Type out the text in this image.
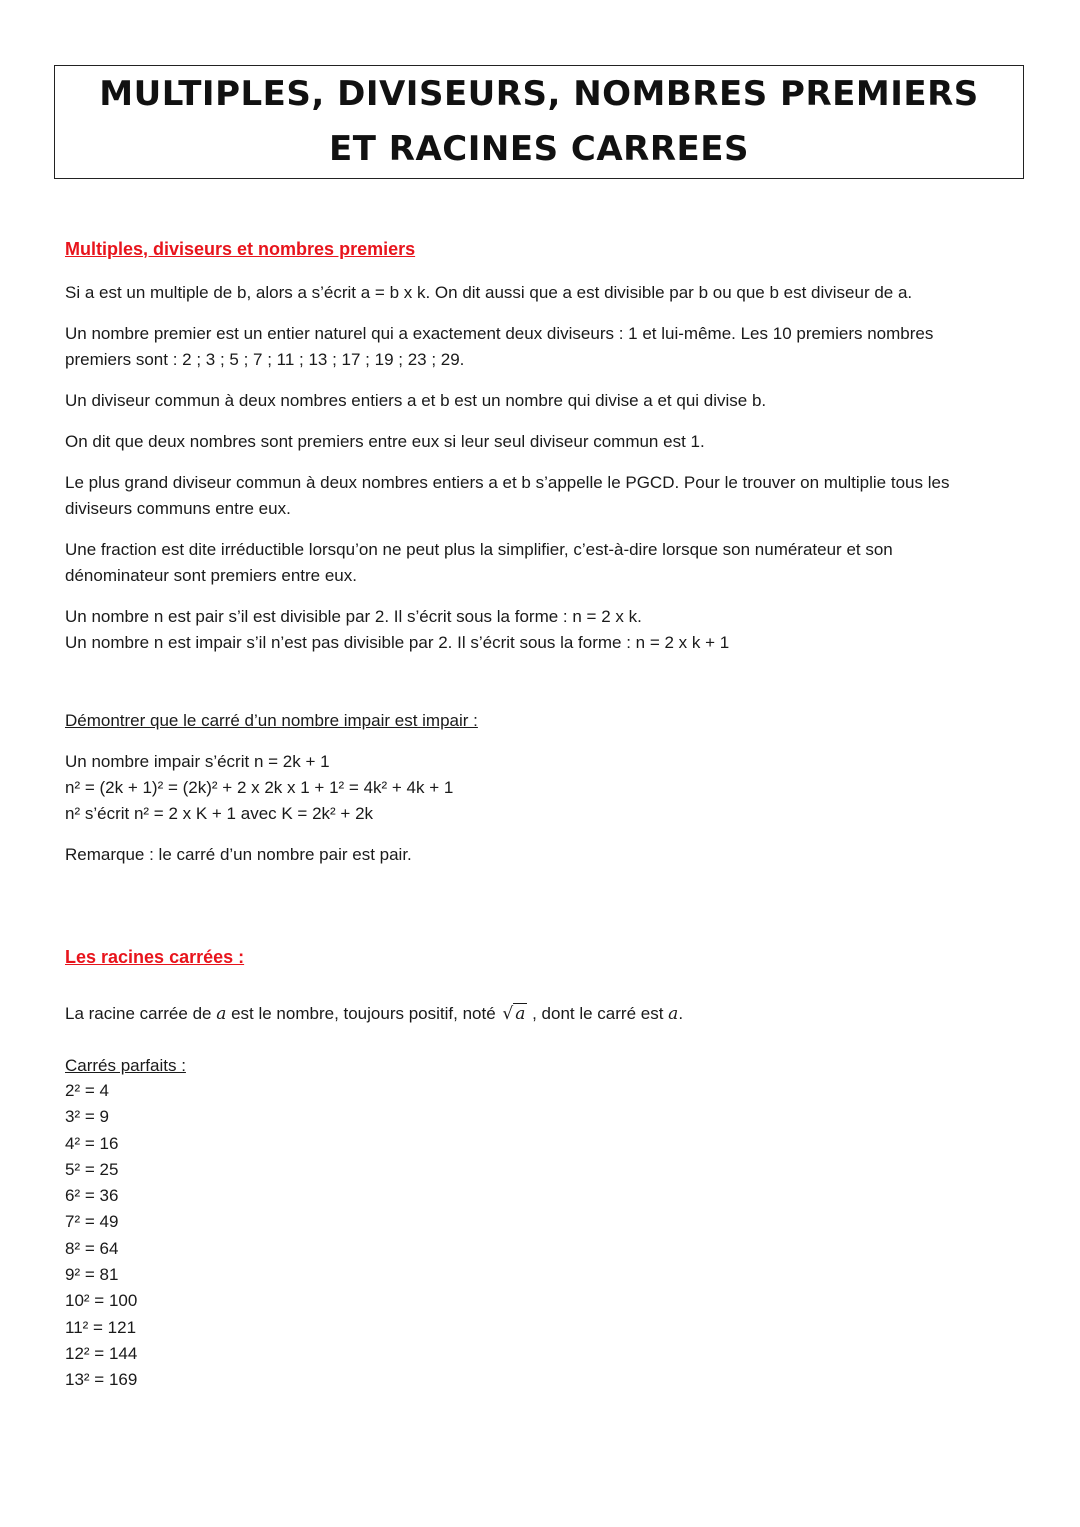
MULTIPLES, DIVISEURS, NOMBRES PREMIERS
ET RACINES CARREES
Multiples, diviseurs et nombres premiers
Si a est un multiple de b, alors a s’écrit a = b x k. On dit aussi que a est divisible par b ou que b est diviseur de a.
Un nombre premier est un entier naturel qui a exactement deux diviseurs : 1 et lui-même. Les 10 premiers nombres
premiers sont : 2 ; 3 ; 5 ; 7 ; 11 ; 13 ; 17 ; 19 ; 23 ; 29.
Un diviseur commun à deux nombres entiers a et b est un nombre qui divise a et qui divise b.
On dit que deux nombres sont premiers entre eux si leur seul diviseur commun est 1.
Le plus grand diviseur commun à deux nombres entiers a et b s’appelle le PGCD. Pour le trouver on multiplie tous les
diviseurs communs entre eux.
Une fraction est dite irréductible lorsqu’on ne peut plus la simplifier, c’est-à-dire lorsque son numérateur et son
dénominateur sont premiers entre eux.
Un nombre n est pair s’il est divisible par 2. Il s’écrit sous la forme : n = 2 x k.
Un nombre n est impair s’il n’est pas divisible par 2. Il s’écrit sous la forme : n = 2 x k + 1
Démontrer que le carré d’un nombre impair est impair :
Un nombre impair s’écrit n = 2k + 1
n² = (2k + 1)² = (2k)² + 2 x 2k x 1 + 1² = 4k² + 4k + 1
n² s’écrit n² = 2 x K + 1 avec K = 2k² + 2k
Remarque : le carré d’un nombre pair est pair.
Les racines carrées :
La racine carrée de a est le nombre, toujours positif, noté √ a , dont le carré est a.
Carrés parfaits :
2² = 4
3² = 9
4² = 16
5² = 25
6² = 36
7² = 49
8² = 64
9² = 81
10² = 100
11² = 121
12² = 144
13² = 169
